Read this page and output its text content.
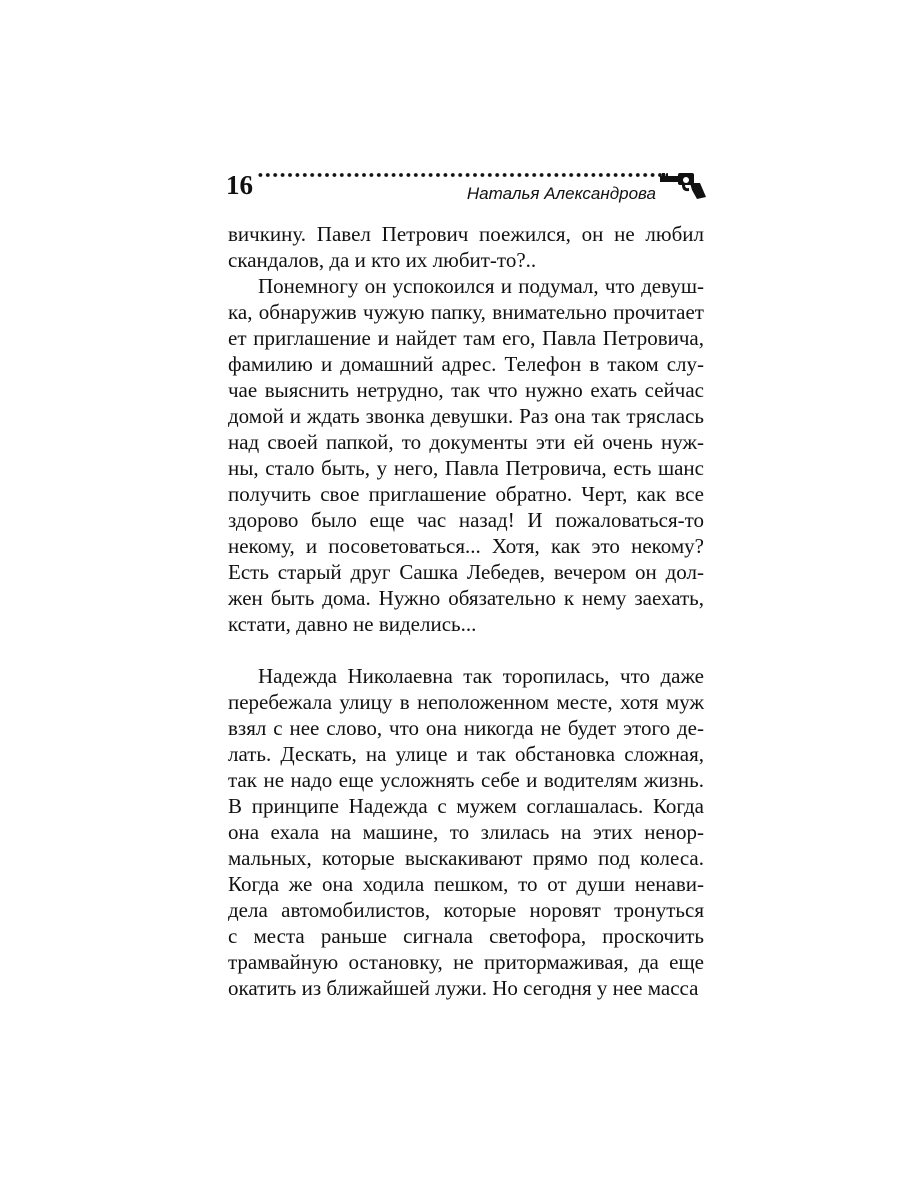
16	Наталья Александрова
вичкину. Павел Петрович поежился, он не любил
скандалов, да и кто их любит-то?..
Понемногу он успокоился и подумал, что девуш-
ка, обнаружив чужую папку, внимательно прочитает
ет приглашение и найдет там его, Павла Петровича,
фамилию и домашний адрес. Телефон в таком слу-
чае выяснить нетрудно, так что нужно ехать сейчас
домой и ждать звонка девушки. Раз она так тряслась
над своей папкой, то документы эти ей очень нуж-
ны, стало быть, у него, Павла Петровича, есть шанс
получить свое приглашение обратно. Черт, как все
здорово было еще час назад! И пожаловаться-то
некому, и посоветоваться... Хотя, как это некому?
Есть старый друг Сашка Лебедев, вечером он дол-
жен быть дома. Нужно обязательно к нему заехать,
кстати, давно не виделись...
Надежда Николаевна так торопилась, что даже
перебежала улицу в неположенном месте, хотя муж
взял с нее слово, что она никогда не будет этого де-
лать. Дескать, на улице и так обстановка сложная,
так не надо еще усложнять себе и водителям жизнь.
В принципе Надежда с мужем соглашалась. Когда
она ехала на машине, то злилась на этих ненор-
мальных, которые выскакивают прямо под колеса.
Когда же она ходила пешком, то от души ненави-
дела автомобилистов, которые норовят тронуться
с места раньше сигнала светофора, проскочить
трамвайную остановку, не притормаживая, да еще
окатить из ближайшей лужи. Но сегодня у нее масса
